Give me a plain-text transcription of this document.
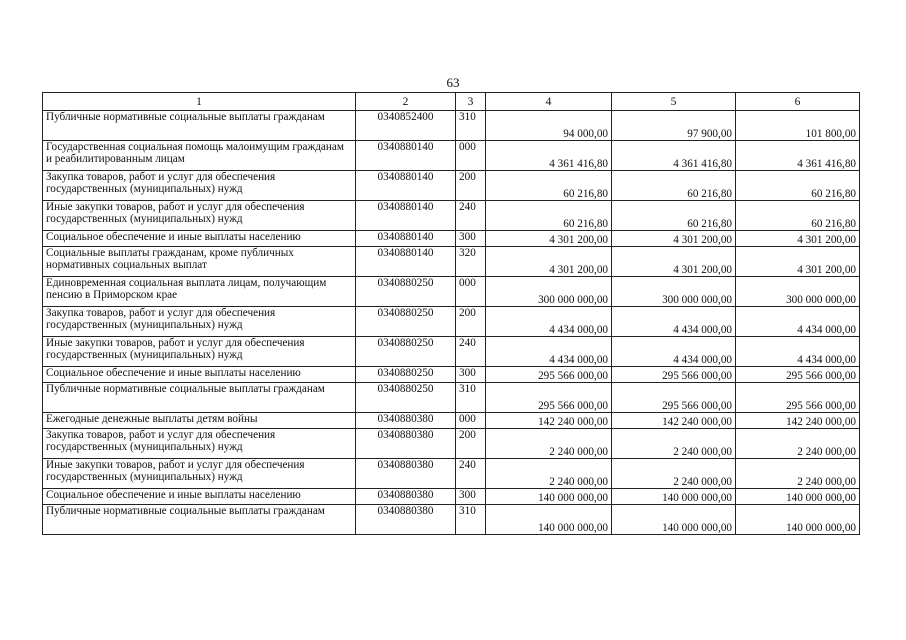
63
1	2	3	4	5	6
Публичные нормативные социальные выплаты гражданам	0340852400	310	94 000,00	97 900,00	101 800,00
Государственная социальная помощь малоимущим гражданам и реабилитированным лицам	0340880140	000	4 361 416,80	4 361 416,80	4 361 416,80
Закупка товаров, работ и услуг для обеспечения государственных (муниципальных) нужд	0340880140	200	60 216,80	60 216,80	60 216,80
Иные закупки товаров, работ и услуг для обеспечения государственных (муниципальных) нужд	0340880140	240	60 216,80	60 216,80	60 216,80
Социальное обеспечение и иные выплаты населению	0340880140	300	4 301 200,00	4 301 200,00	4 301 200,00
Социальные выплаты гражданам, кроме публичных нормативных социальных выплат	0340880140	320	4 301 200,00	4 301 200,00	4 301 200,00
Единовременная социальная выплата лицам, получающим пенсию в Приморском крае	0340880250	000	300 000 000,00	300 000 000,00	300 000 000,00
Закупка товаров, работ и услуг для обеспечения государственных (муниципальных) нужд	0340880250	200	4 434 000,00	4 434 000,00	4 434 000,00
Иные закупки товаров, работ и услуг для обеспечения государственных (муниципальных) нужд	0340880250	240	4 434 000,00	4 434 000,00	4 434 000,00
Социальное обеспечение и иные выплаты населению	0340880250	300	295 566 000,00	295 566 000,00	295 566 000,00
Публичные нормативные социальные выплаты гражданам	0340880250	310	295 566 000,00	295 566 000,00	295 566 000,00
Ежегодные денежные выплаты детям войны	0340880380	000	142 240 000,00	142 240 000,00	142 240 000,00
Закупка товаров, работ и услуг для обеспечения государственных (муниципальных) нужд	0340880380	200	2 240 000,00	2 240 000,00	2 240 000,00
Иные закупки товаров, работ и услуг для обеспечения государственных (муниципальных) нужд	0340880380	240	2 240 000,00	2 240 000,00	2 240 000,00
Социальное обеспечение и иные выплаты населению	0340880380	300	140 000 000,00	140 000 000,00	140 000 000,00
Публичные нормативные социальные выплаты гражданам	0340880380	310	140 000 000,00	140 000 000,00	140 000 000,00
